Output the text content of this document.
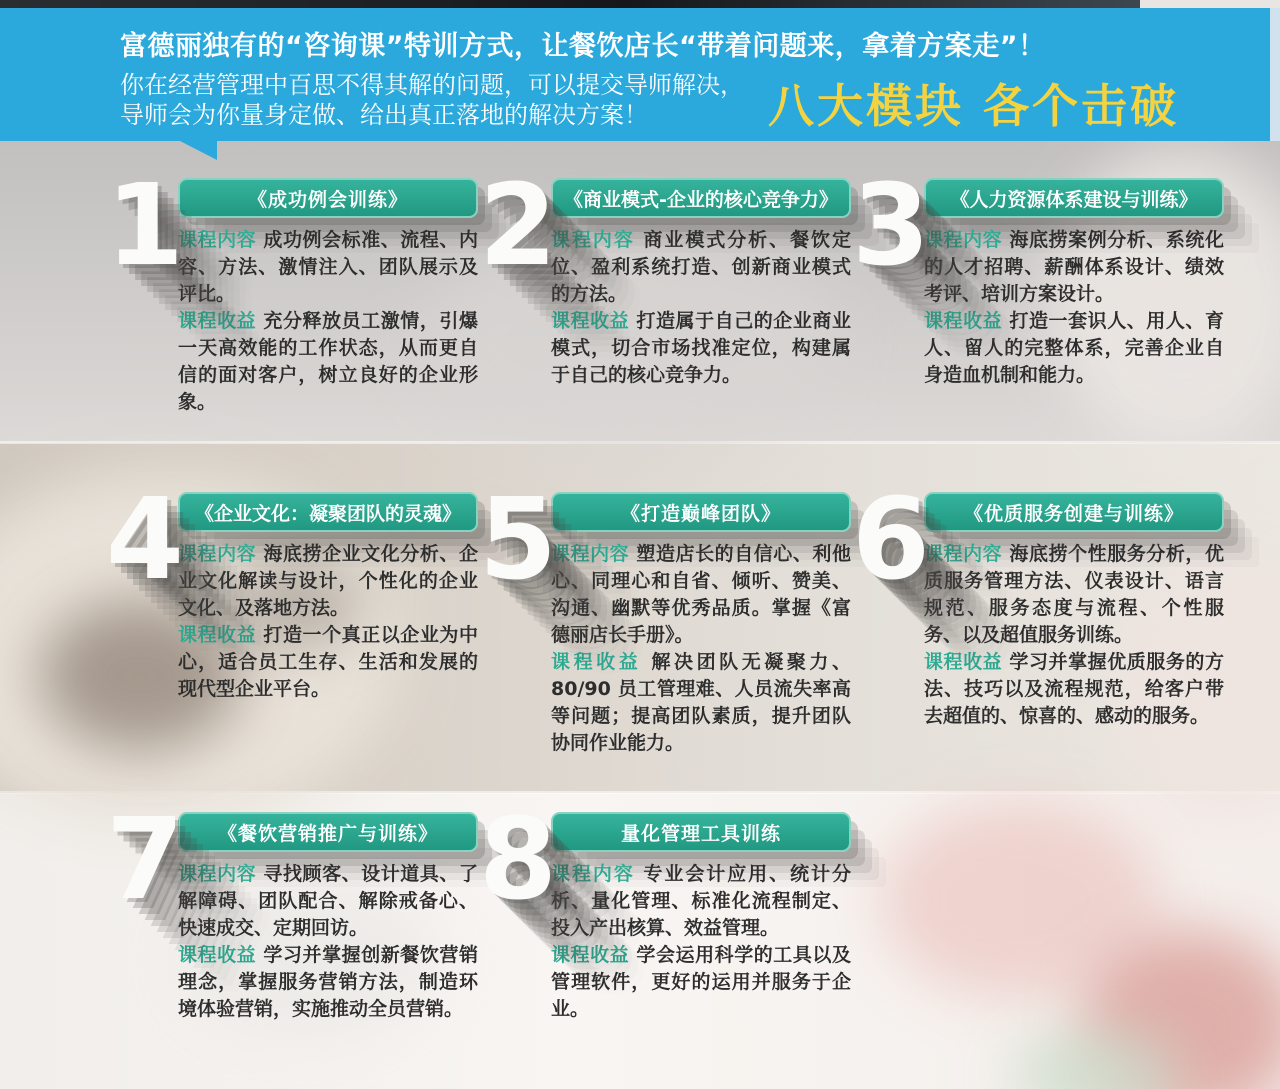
富德丽独有的“咨询课”特训方式，让餐饮店长“带着问题来，拿着方案走”！

你在经营管理中百思不得其解的问题，可以提交导师解决，

导师会为你量身定做、给出真正落地的解决方案！	八大模块 各个击破
1	《成功例会训练》

课程内容 成功例会标准、流程、内容、方法、激情注入、团队展示及评比。

课程收益 充分释放员工激情，引爆一天高效能的工作状态，从而更自信的面对客户，树立良好的企业形象。

2 《商业模式-企业的核心竞争力》

课程内容 商业模式分析、餐饮定位、盈利系统打造、创新商业模式的方法。

课程收益 打造属于自己的企业商业模式，切合市场找准定位，构建属于自己的核心竞争力。

3	《人力资源体系建设与训练》

课程内容 海底捞案例分析、系统化的人才招聘、薪酬体系设计、绩效考评、培训方案设计。

课程收益 打造一套识人、用人、育人、留人的完整体系，完善企业自身造血机制和能力。

4 《企业文化：凝聚团队的灵魂》

课程内容 海底捞企业文化分析、企业文化解读与设计，个性化的企业文化、及落地方法。

课程收益 打造一个真正以企业为中心，适合员工生存、生活和发展的现代型企业平台。

5	《打造巅峰团队》

课程内容 塑造店长的自信心、利他心、同理心和自省、倾听、赞美、沟通、幽默等优秀品质。掌握《富德丽店长手册》。

课程收益 解决团队无凝聚力、80/90 员工管理难、人员流失率高等问题；提高团队素质，提升团队协同作业能力。

6	《优质服务创建与训练》

课程内容 海底捞个性服务分析，优质服务管理方法、仪表设计、语言规范、服务态度与流程、个性服务、以及超值服务训练。

课程收益 学习并掌握优质服务的方法、技巧以及流程规范，给客户带去超值的、惊喜的、感动的服务。

7	《餐饮营销推广与训练》

课程内容 寻找顾客、设计道具、了解障碍、团队配合、解除戒备心、快速成交、定期回访。

课程收益 学习并掌握创新餐饮营销理念，掌握服务营销方法，制造环境体验营销，实施推动全员营销。

8	量化管理工具训练

课程内容 专业会计应用、统计分析、量化管理、标准化流程制定、投入产出核算、效益管理。

课程收益 学会运用科学的工具以及管理软件，更好的运用并服务于企业。
